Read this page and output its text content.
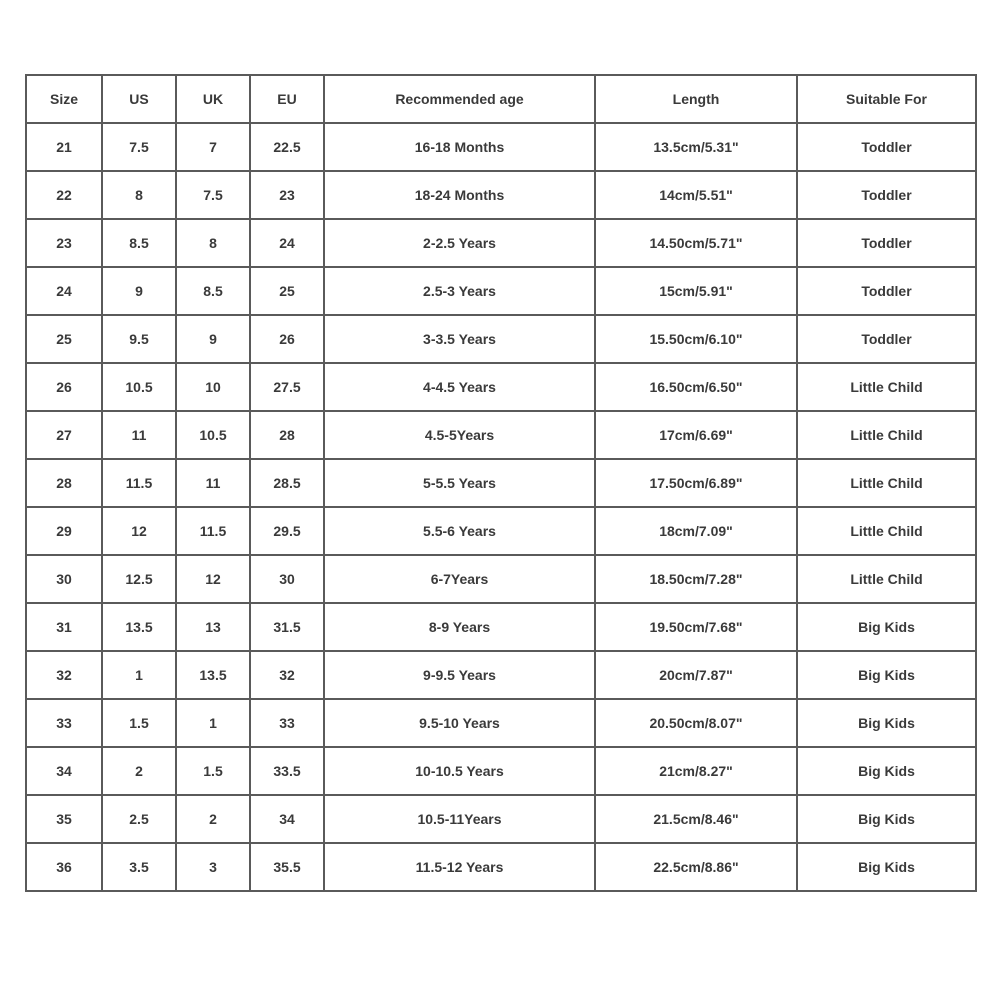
Size	US	UK	EU	Recommended age	Length	Suitable For
21	7.5	7	22.5	16-18 Months	13.5cm/5.31"	Toddler
22	8	7.5	23	18-24 Months	14cm/5.51"	Toddler
23	8.5	8	24	2-2.5 Years	14.50cm/5.71"	Toddler
24	9	8.5	25	2.5-3 Years	15cm/5.91"	Toddler
25	9.5	9	26	3-3.5 Years	15.50cm/6.10"	Toddler
26	10.5	10	27.5	4-4.5 Years	16.50cm/6.50"	Little Child
27	11	10.5	28	4.5-5Years	17cm/6.69"	Little Child
28	11.5	11	28.5	5-5.5 Years	17.50cm/6.89"	Little Child
29	12	11.5	29.5	5.5-6 Years	18cm/7.09"	Little Child
30	12.5	12	30	6-7Years	18.50cm/7.28"	Little Child
31	13.5	13	31.5	8-9 Years	19.50cm/7.68"	Big Kids
32	1	13.5	32	9-9.5 Years	20cm/7.87"	Big Kids
33	1.5	1	33	9.5-10 Years	20.50cm/8.07"	Big Kids
34	2	1.5	33.5	10-10.5 Years	21cm/8.27"	Big Kids
35	2.5	2	34	10.5-11Years	21.5cm/8.46"	Big Kids
36	3.5	3	35.5	11.5-12 Years	22.5cm/8.86"	Big Kids
